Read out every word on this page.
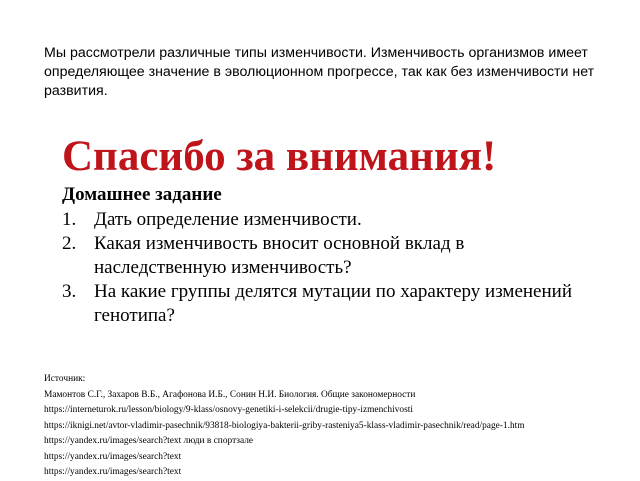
Мы рассмотрели различные типы изменчивости. Изменчивость организмов имеет определяющее значение в эволюционном прогрессе, так как без изменчивости нет развития.
Спасибо за внимания!
Домашнее задание
1. Дать определение изменчивости.
2. Какая изменчивость вносит основной вклад в наследственную изменчивость?
3. На какие группы делятся мутации по характеру изменений генотипа?
Источник:
Мамонтов С.Г., Захаров В.Б., Агафонова И.Б., Сонин Н.И. Биология. Общие закономерности
https://interneturok.ru/lesson/biology/9-klass/osnovy-genetiki-i-selekcii/drugie-tipy-izmenchivosti
https://iknigi.net/avtor-vladimir-pasechnik/93818-biologiya-bakterii-griby-rasteniya5-klass-vladimir-pasechnik/read/page-1.htm
https://yandex.ru/images/search?text люди в спортзале
https://yandex.ru/images/search?text
https://yandex.ru/images/search?text
